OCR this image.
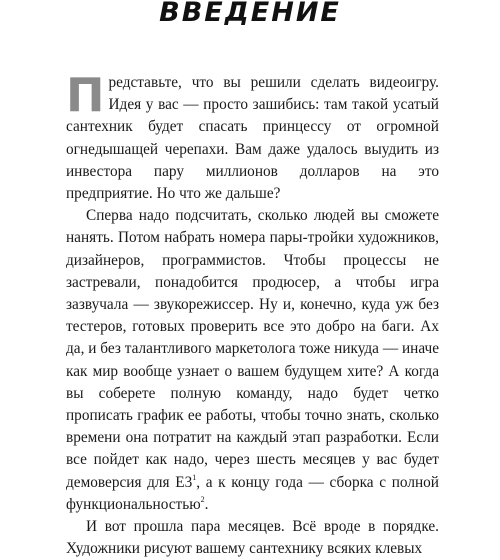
ВВЕДЕНИЕ

Представьте, что вы решили сделать видеоигру. Идея у вас — просто зашибись: там такой усатый сантехник будет спасать принцессу от огромной огнедышащей черепахи. Вам даже удалось выудить из инвестора пару миллионов долларов на это предприятие. Но что же дальше?

Сперва надо подсчитать, сколько людей вы сможете нанять. Потом набрать номера пары-тройки художников, дизайнеров, программистов. Чтобы процессы не застревали, понадобится продюсер, а чтобы игра зазвучала — звукорежиссер. Ну и, конечно, куда уж без тестеров, готовых проверить все это добро на баги. Ах да, и без талантливого маркетолога тоже никуда — иначе как мир вообще узнает о вашем будущем хите? А когда вы соберете полную команду, надо будет четко прописать график ее работы, чтобы точно знать, сколько времени она потратит на каждый этап разработки. Если все пойдет как надо, через шесть месяцев у вас будет демоверсия для $E3^1$, а к концу года — сборка с полной функциональностью$^2$.

И вот прошла пара месяцев. Всё вроде в порядке. Художники рисуют вашему сантехнику всяких клевых
